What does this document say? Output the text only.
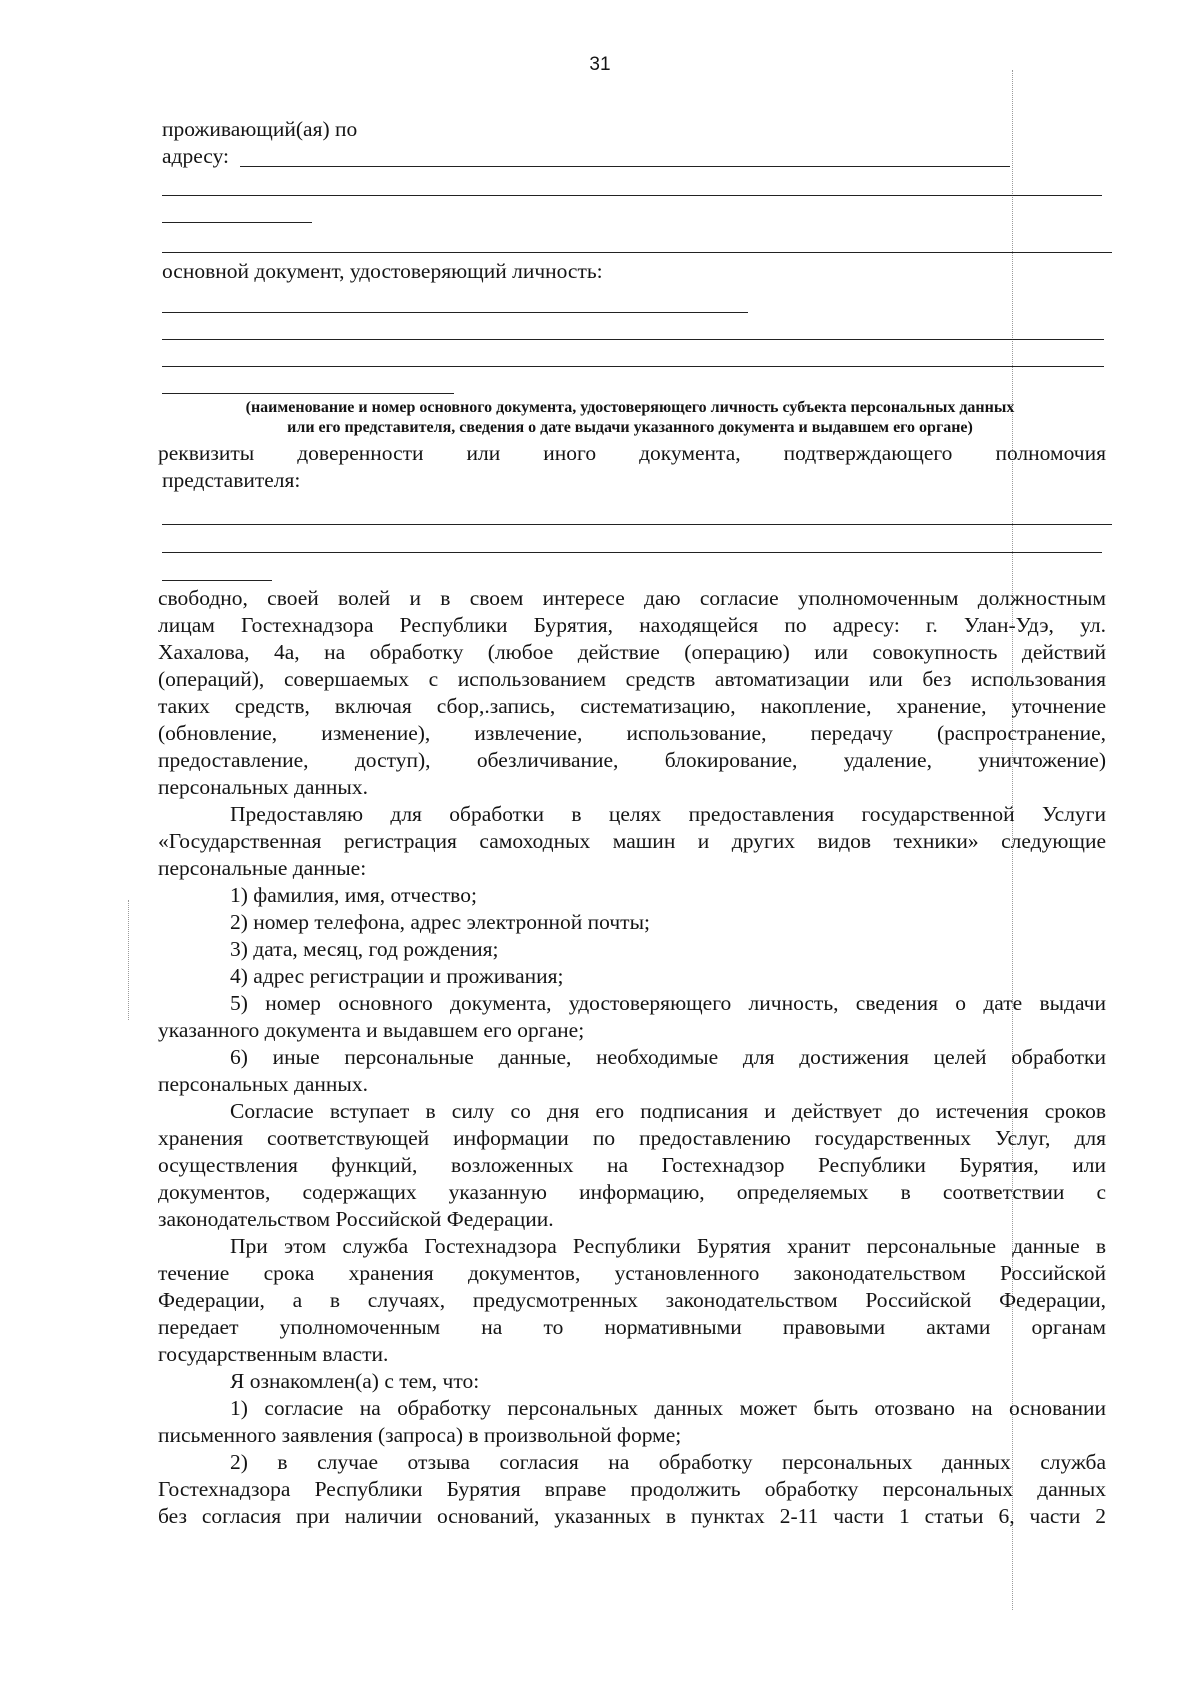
31
проживающий(ая) по
адресу:
основной документ, удостоверяющий личность:
(наименование и номер основного документа, удостоверяющего личность субъекта персональных данных
или его представителя, сведения о дате выдачи указанного документа и выдавшем его органе)
реквизиты доверенности или иного документа, подтверждающего полномочия
представителя:
свободно, своей волей и в своем интересе даю согласие уполномоченным должностным
лицам Гостехнадзора Республики Бурятия, находящейся по адресу: г. Улан-Удэ, ул.
Хахалова, 4а, на обработку (любое действие (операцию) или совокупность действий
(операций), совершаемых с использованием средств автоматизации или без использования
таких средств, включая сбор,.запись, систематизацию, накопление, хранение, уточнение
(обновление, изменение), извлечение, использование, передачу (распространение,
предоставление, доступ), обезличивание, блокирование, удаление, уничтожение)
персональных данных.
Предоставляю для обработки в целях предоставления государственной Услуги
«Государственная регистрация самоходных машин и других видов техники» следующие
персональные данные:
1) фамилия, имя, отчество;
2) номер телефона, адрес электронной почты;
3) дата, месяц, год рождения;
4) адрес регистрации и проживания;
5) номер основного документа, удостоверяющего личность, сведения о дате выдачи
указанного документа и выдавшем его органе;
6) иные персональные данные, необходимые для достижения целей обработки
персональных данных.
Согласие вступает в силу со дня его подписания и действует до истечения сроков
хранения соответствующей информации по предоставлению государственных Услуг, для
осуществления функций, возложенных на Гостехнадзор Республики Бурятия, или
документов, содержащих указанную информацию, определяемых в соответствии с
законодательством Российской Федерации.
При этом служба Гостехнадзора Республики Бурятия хранит персональные данные в
течение срока хранения документов, установленного законодательством Российской
Федерации, а в случаях, предусмотренных законодательством Российской Федерации,
передает уполномоченным на то нормативными правовыми актами органам
государственным власти.
Я ознакомлен(а) с тем, что:
1) согласие на обработку персональных данных может быть отозвано на основании
письменного заявления (запроса) в произвольной форме;
2) в случае отзыва согласия на обработку персональных данных служба
Гостехнадзора Республики Бурятия вправе продолжить обработку персональных данных
без согласия при наличии оснований, указанных в пунктах 2-11 части 1 статьи 6, части 2
